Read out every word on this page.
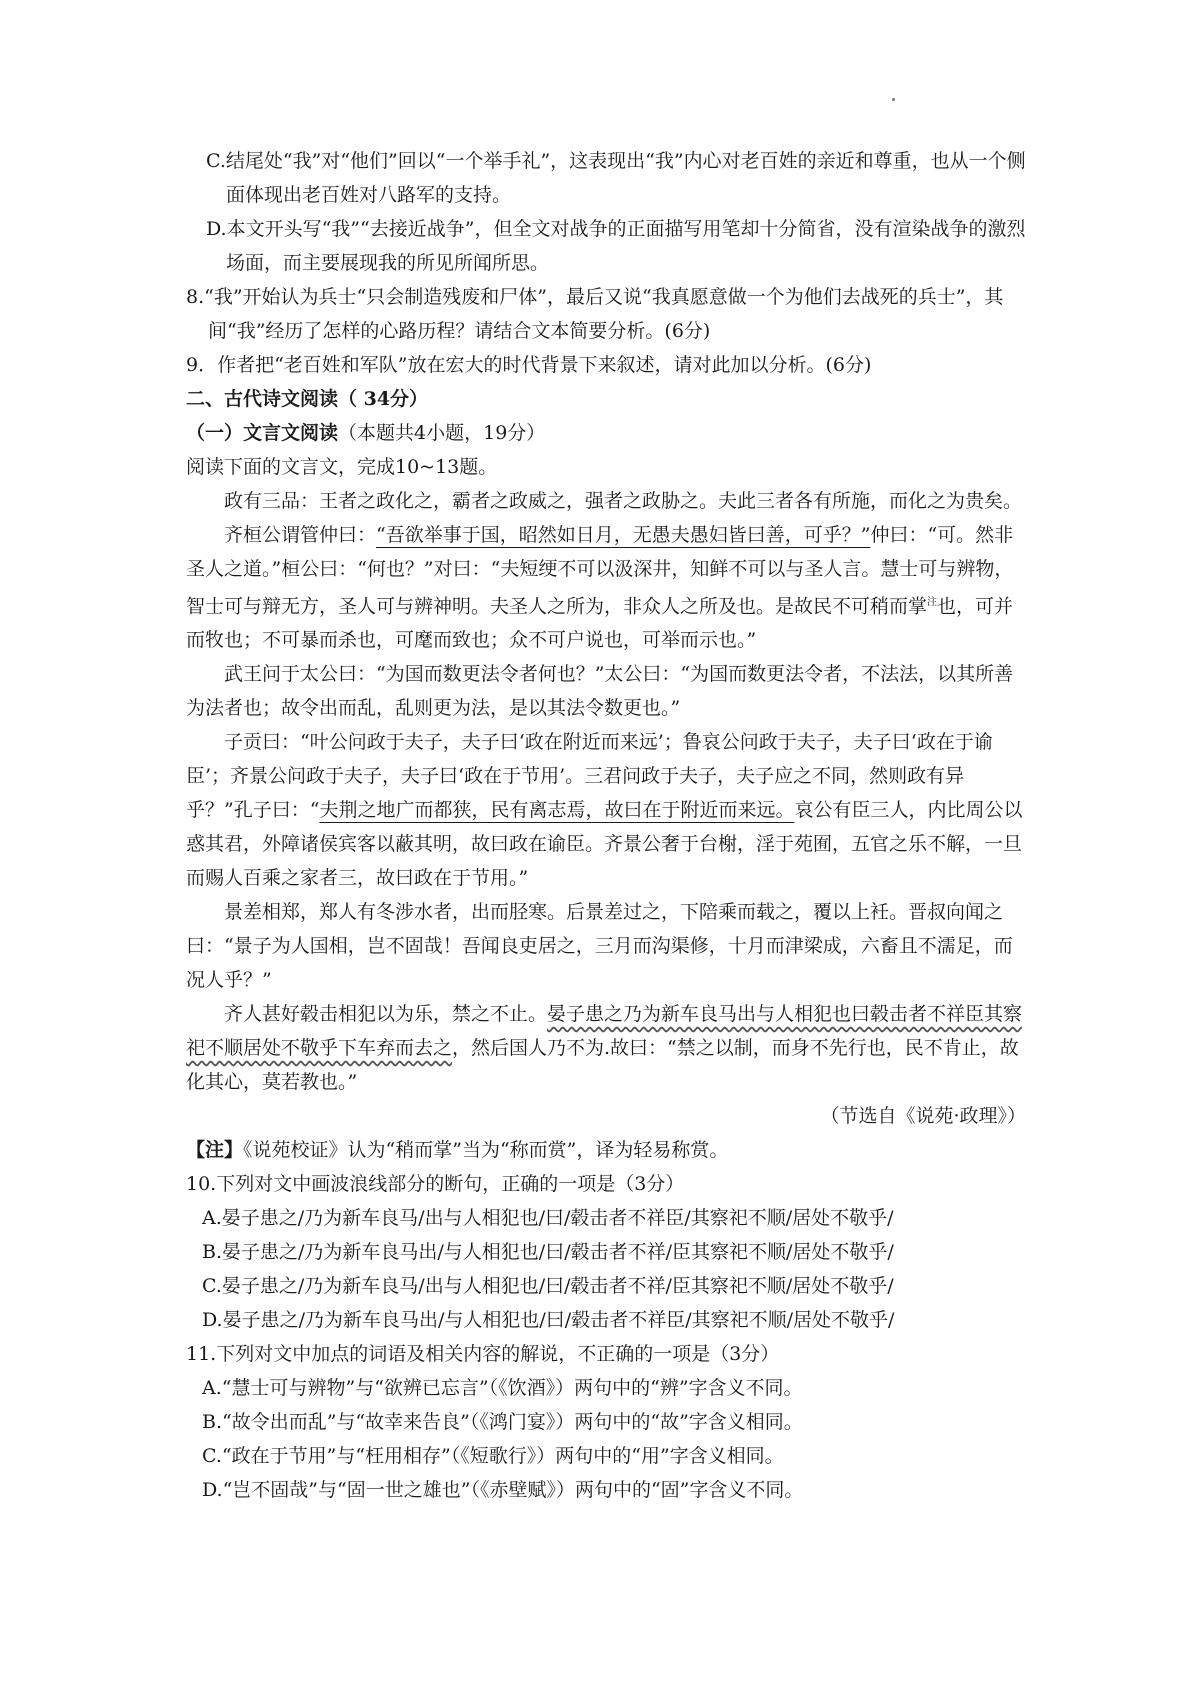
C.结尾处“我”对“他们”回以“一个举手礼”，这表现出“我”内心对老百姓的亲近和尊重，也从一个侧面体现出老百姓对八路军的支持。

D.本文开头写“我”“去接近战争”，但全文对战争的正面描写用笔却十分简省，没有渲染战争的激烈场面，而主要展现我的所见所闻所思。

8.“我”开始认为兵士“只会制造残废和尸体”，最后又说“我真愿意做一个为他们去战死的兵士”，其间“我”经历了怎样的心路历程？请结合文本简要分析。(6分)

9．作者把“老百姓和军队”放在宏大的时代背景下来叙述，请对此加以分析。(6分)

二、古代诗文阅读（ 34分）

（一）文言文阅读（本题共4小题，19分）

阅读下面的文言文，完成10~13题。

政有三品：王者之政化之，霸者之政威之，强者之政胁之。夫此三者各有所施，而化之为贵矣。

齐桓公谓管仲曰：“吾欲举事于国，昭然如日月，无愚夫愚妇皆曰善，可乎？”仲曰：“可。然非圣人之道。”桓公曰：“何也？”对曰：“夫短绠不可以汲深井，知鲜不可以与圣人言。慧士可与辨物，智士可与辩无方，圣人可与辨神明。夫圣人之所为，非众人之所及也。是故民不可稍而掌$^注$也，可并而牧也；不可暴而杀也，可麾而致也；众不可户说也，可举而示也。”

武王问于太公曰：“为国而数更法令者何也？”太公曰：“为国而数更法令者，不法法，以其所善为法者也；故令出而乱，乱则更为法，是以其法令数更也。”

子贡曰：“叶公问政于夫子，夫子曰‘政在附近而来远’；鲁哀公问政于夫子，夫子曰‘政在于谕臣’；齐景公问政于夫子，夫子曰‘政在于节用’。三君问政于夫子，夫子应之不同，然则政有异乎？”孔子曰：“夫荆之地广而都狭，民有离志焉，故曰在于附近而来远。哀公有臣三人，内比周公以惑其君，外障诸侯宾客以蔽其明，故曰政在谕臣。齐景公奢于台榭，淫于苑囿，五官之乐不解，一旦而赐人百乘之家者三，故曰政在于节用。”

景差相郑，郑人有冬涉水者，出而胫寒。后景差过之，下陪乘而载之，覆以上衽。晋叔向闻之曰：“景子为人国相，岂不固哉！吾闻良吏居之，三月而沟渠修，十月而津梁成，六畜且不濡足，而况人乎？”

齐人甚好毂击相犯以为乐，禁之不止。晏子患之乃为新车良马出与人相犯也曰毂击者不祥臣其察祀不顺居处不敬乎下车弃而去之，然后国人乃不为.故曰：“禁之以制，而身不先行也，民不肯止，故化其心，莫若教也。”

（节选自《说苑·政理》）

【注】《说苑校证》认为“稍而掌”当为“称而赏”，译为轻易称赏。

10.下列对文中画波浪线部分的断句，正确的一项是（3分）

A.晏子患之/乃为新车良马/出与人相犯也/曰/毂击者不祥臣/其察祀不顺/居处不敬乎/

B.晏子患之/乃为新车良马出/与人相犯也/曰/毂击者不祥/臣其察祀不顺/居处不敬乎/

C.晏子患之/乃为新车良马/出与人相犯也/曰/毂击者不祥/臣其察祀不顺/居处不敬乎/

D.晏子患之/乃为新车良马出/与人相犯也/曰/毂击者不祥臣/其察祀不顺/居处不敬乎/

11.下列对文中加点的词语及相关内容的解说，不正确的一项是（3分）

A.“慧士可与辨物”与“欲辨已忘言”（《饮酒》）两句中的“辨”字含义不同。

B.“故令出而乱”与“故幸来告良”（《鸿门宴》）两句中的“故”字含义相同。

C.“政在于节用”与“枉用相存”（《短歌行》）两句中的“用”字含义相同。

D.“岂不固哉”与“固一世之雄也”（《赤壁赋》）两句中的“固”字含义不同。
